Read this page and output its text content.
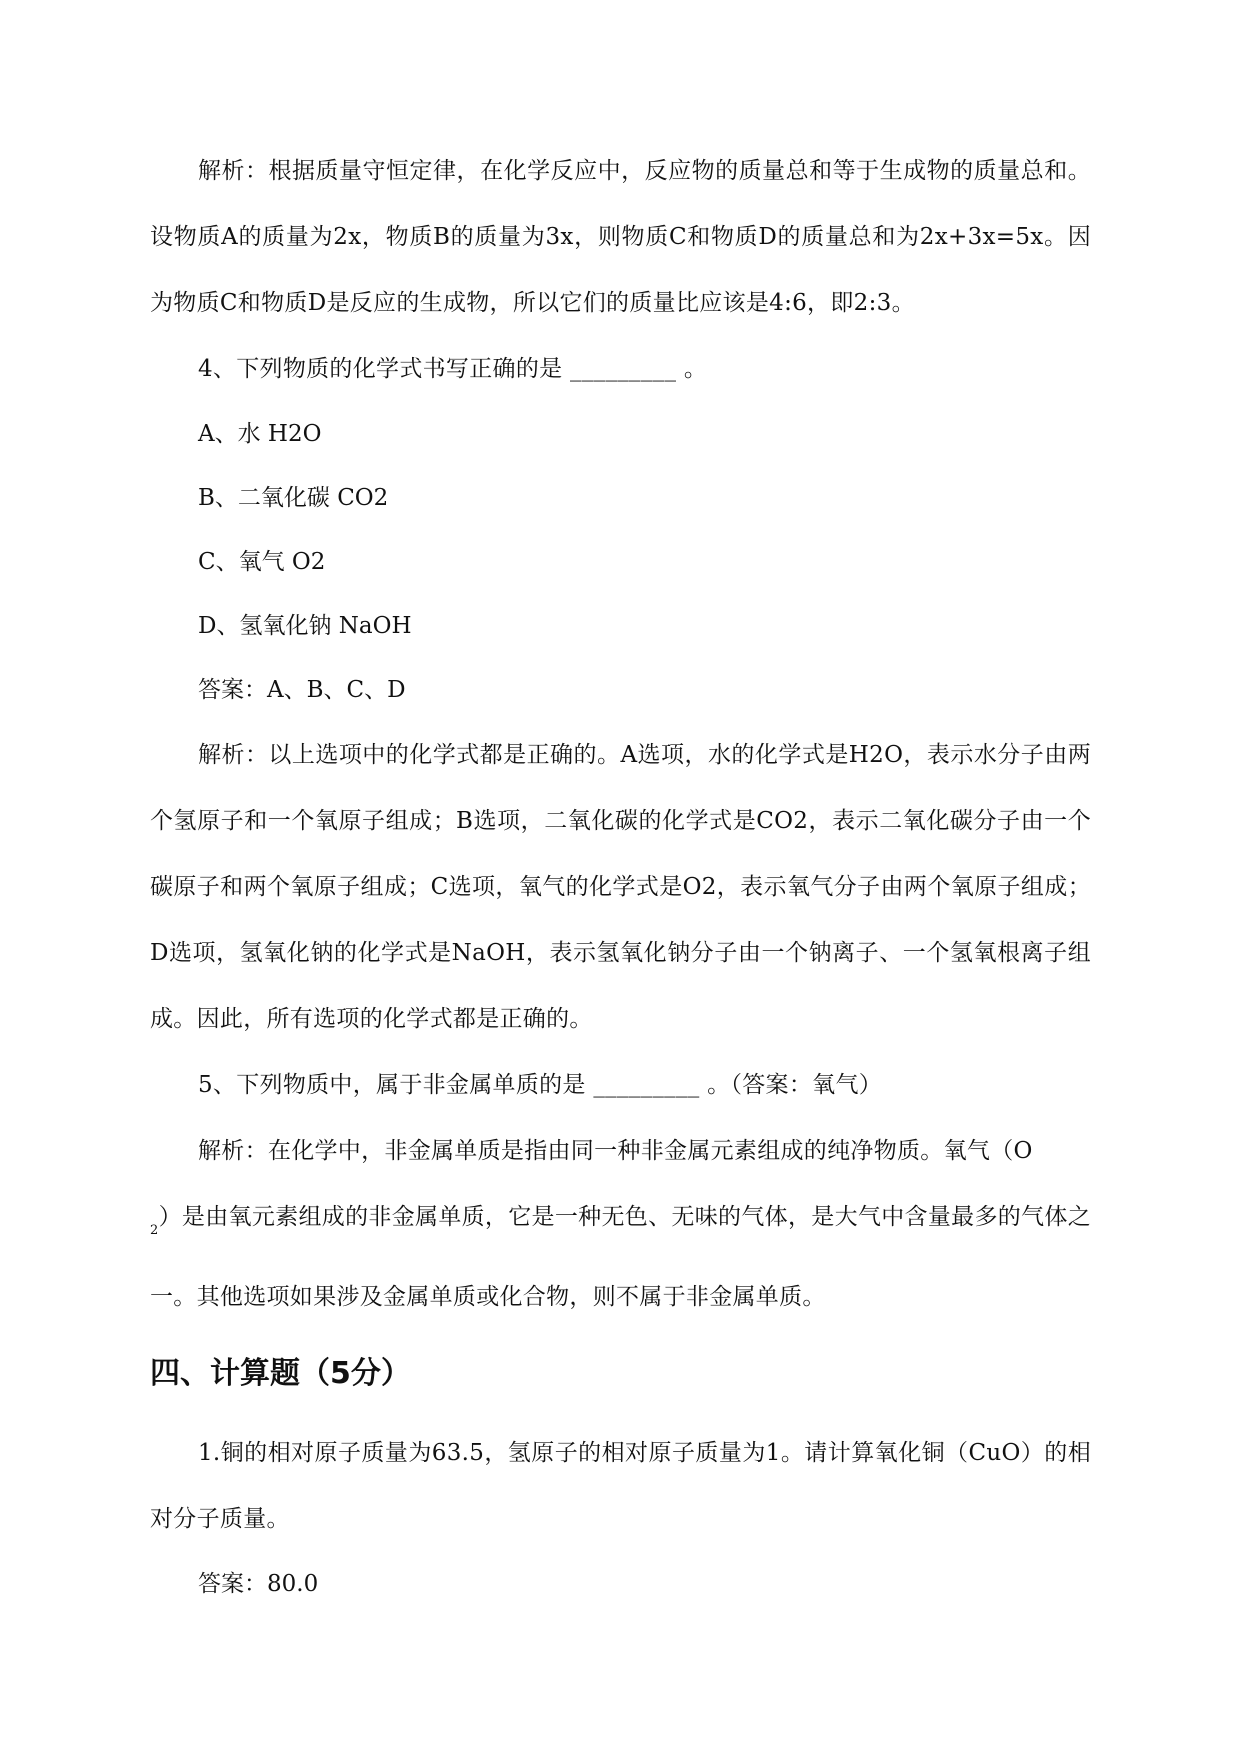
解析：根据质量守恒定律，在化学反应中，反应物的质量总和等于生成物的质量总和。设物质A的质量为2x，物质B的质量为3x，则物质C和物质D的质量总和为2x+3x=5x。因为物质C和物质D是反应的生成物，所以它们的质量比应该是4:6，即2:3。

4、下列物质的化学式书写正确的是 _________ 。

A、水 H2O

B、二氧化碳 CO2

C、氧气 O2

D、氢氧化钠 NaOH

答案：A、B、C、D

解析：以上选项中的化学式都是正确的。A选项，水的化学式是H2O，表示水分子由两个氢原子和一个氧原子组成；B选项，二氧化碳的化学式是CO2，表示二氧化碳分子由一个碳原子和两个氧原子组成；C选项，氧气的化学式是O2，表示氧气分子由两个氧原子组成；D选项，氢氧化钠的化学式是NaOH，表示氢氧化钠分子由一个钠离子、一个氢氧根离子组成。因此，所有选项的化学式都是正确的。

5、下列物质中，属于非金属单质的是 _________ 。（答案：氧气）

解析：在化学中，非金属单质是指由同一种非金属元素组成的纯净物质。氧气（O
$_2$）是由氧元素组成的非金属单质，它是一种无色、无味的气体，是大气中含量最多的气体之一。其他选项如果涉及金属单质或化合物，则不属于非金属单质。

四、计算题（5分）

1.铜的相对原子质量为63.5，氢原子的相对原子质量为1。请计算氧化铜（CuO）的相对分子质量。

答案：80.0
